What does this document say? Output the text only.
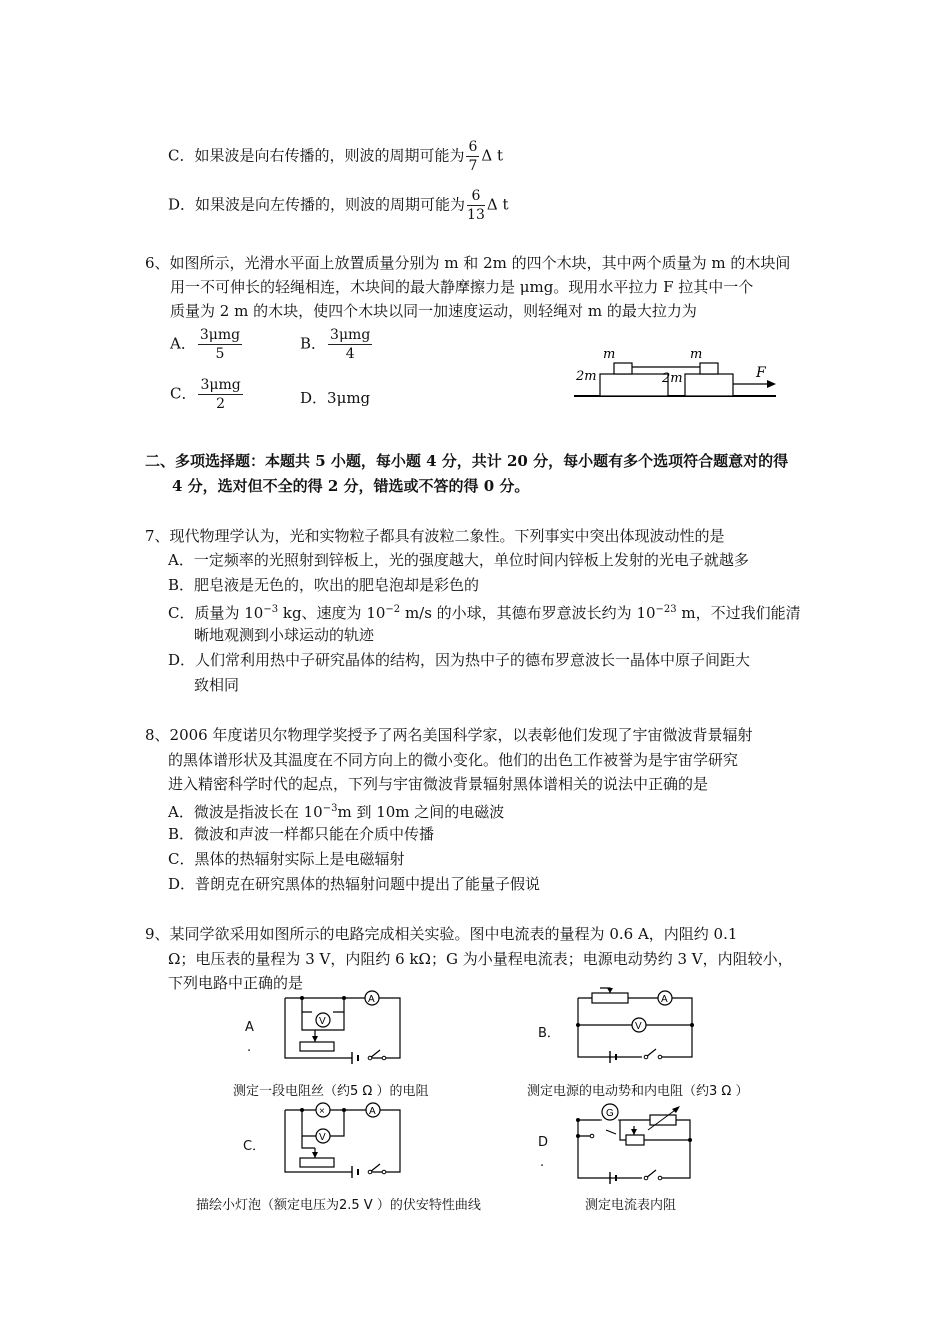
C．如果波是向右传播的，则波的周期可能为 $\frac{6}{7}$ Δ t
D．如果波是向左传播的，则波的周期可能为 $\frac{6}{13}$ Δ t
6、如图所示，光滑水平面上放置质量分别为 m 和 2m 的四个木块，其中两个质量为 m 的木块间
用一不可伸长的轻绳相连，木块间的最大静摩擦力是 μmg。现用水平拉力 F 拉其中一个
质量为 2 m 的木块，使四个木块以同一加速度运动，则轻绳对 m 的最大拉力为
A． $\frac{\text{3μmg}}{5}$	B． $\frac{\text{3μmg}}{4}$
C． $\frac{\text{3μmg}}{2}$	D．3μmg
m	m
2m	2m	F
二、多项选择题：本题共 5 小题，每小题 4 分，共计 20 分，每小题有多个选项符合题意对的得
4 分，选对但不全的得 2 分，错选或不答的得 0 分。
7、现代物理学认为，光和实物粒子都具有波粒二象性。下列事实中突出体现波动性的是
A．一定频率的光照射到锌板上，光的强度越大，单位时间内锌板上发射的光电子就越多
B．肥皂液是无色的，吹出的肥皂泡却是彩色的
C．质量为 $10^{-3}$ kg、速度为 $10^{-2}$ m/s 的小球，其德布罗意波长约为 $10^{-23}$ m，不过我们能清
晰地观测到小球运动的轨迹
D．人们常利用热中子研究晶体的结构，因为热中子的德布罗意波长一晶体中原子间距大
致相同
8、2006 年度诺贝尔物理学奖授予了两名美国科学家，以表彰他们发现了宇宙微波背景辐射
的黑体谱形状及其温度在不同方向上的微小变化。他们的出色工作被誉为是宇宙学研究
进入精密科学时代的起点，下列与宇宙微波背景辐射黑体谱相关的说法中正确的是
A．微波是指波长在 $10^{-3}m$ 到 10m 之间的电磁波
B．微波和声波一样都只能在介质中传播
C．黑体的热辐射实际上是电磁辐射
D．普朗克在研究黑体的热辐射问题中提出了能量子假说
9、某同学欲采用如图所示的电路完成相关实验。图中电流表的量程为 0.6 A，内阻约 0.1
Ω；电压表的量程为 3 V，内阻约 6 kΩ；G 为小量程电流表；电源电动势约 3 V，内阻较小，
下列电路中正确的是
A
.
A
V
测定一段电阻丝（约5 Ω ）的电阻
B．
A
V
测定电源的电动势和内电阻（约3 Ω ）
C．
×	A
V
描绘小灯泡（额定电压为2.5 V ）的伏安特性曲线
D
.
G
测定电流表内阻
